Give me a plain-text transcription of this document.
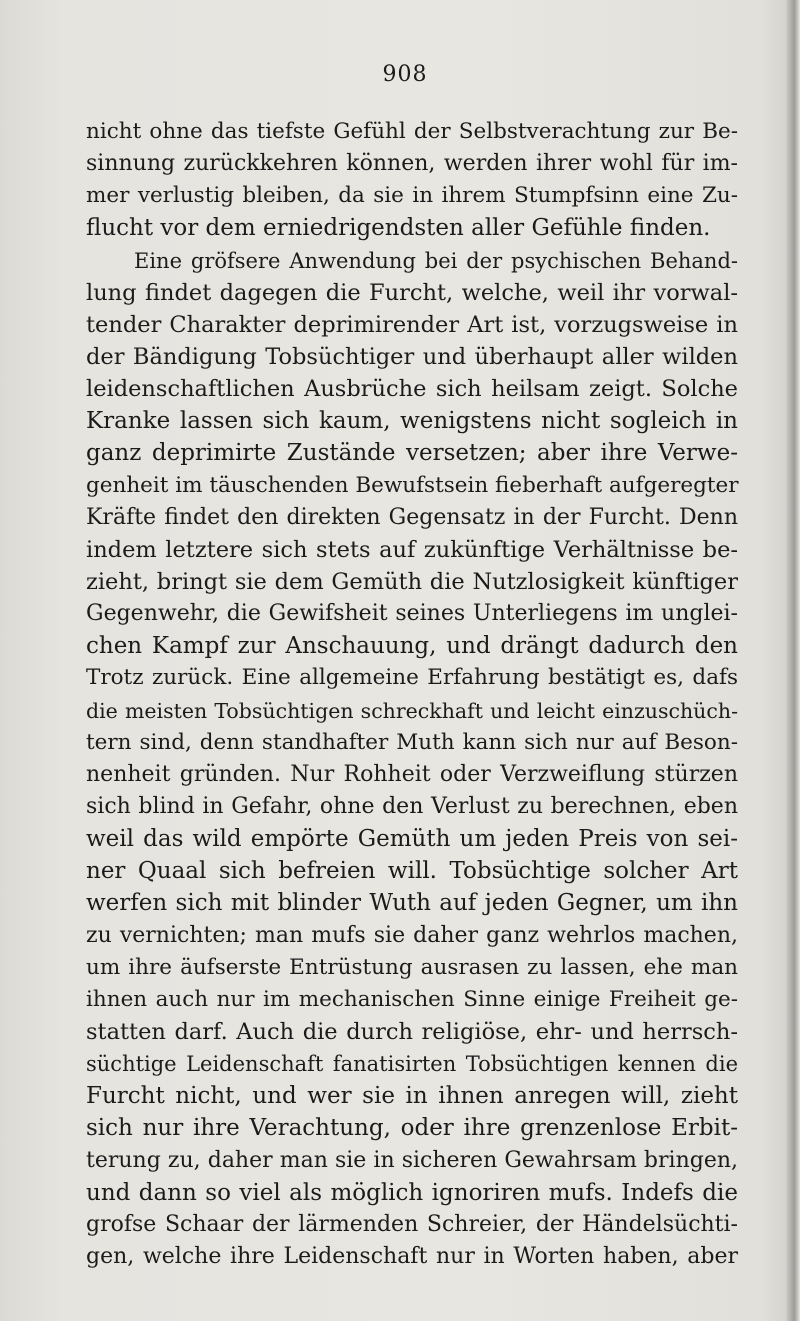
908
nicht ohne das tiefste Gefühl der Selbstverachtung zur Be-
sinnung zurückkehren können, werden ihrer wohl für im-
mer verlustig bleiben, da sie in ihrem Stumpfsinn eine Zu-
flucht vor dem erniedrigendsten aller Gefühle finden.
Eine gröfsere Anwendung bei der psychischen Behand-
lung findet dagegen die Furcht, welche, weil ihr vorwal-
tender Charakter deprimirender Art ist, vorzugsweise in
der Bändigung Tobsüchtiger und überhaupt aller wilden
leidenschaftlichen Ausbrüche sich heilsam zeigt. Solche
Kranke lassen sich kaum, wenigstens nicht sogleich in
ganz deprimirte Zustände versetzen; aber ihre Verwe-
genheit im täuschenden Bewufstsein fieberhaft aufgeregter
Kräfte findet den direkten Gegensatz in der Furcht. Denn
indem letztere sich stets auf zukünftige Verhältnisse be-
zieht, bringt sie dem Gemüth die Nutzlosigkeit künftiger
Gegenwehr, die Gewifsheit seines Unterliegens im unglei-
chen Kampf zur Anschauung, und drängt dadurch den
Trotz zurück. Eine allgemeine Erfahrung bestätigt es, dafs
die meisten Tobsüchtigen schreckhaft und leicht einzuschüch-
tern sind, denn standhafter Muth kann sich nur auf Beson-
nenheit gründen. Nur Rohheit oder Verzweiflung stürzen
sich blind in Gefahr, ohne den Verlust zu berechnen, eben
weil das wild empörte Gemüth um jeden Preis von sei-
ner Quaal sich befreien will. Tobsüchtige solcher Art
werfen sich mit blinder Wuth auf jeden Gegner, um ihn
zu vernichten; man mufs sie daher ganz wehrlos machen,
um ihre äufserste Entrüstung ausrasen zu lassen, ehe man
ihnen auch nur im mechanischen Sinne einige Freiheit ge-
statten darf. Auch die durch religiöse, ehr- und herrsch-
süchtige Leidenschaft fanatisirten Tobsüchtigen kennen die
Furcht nicht, und wer sie in ihnen anregen will, zieht
sich nur ihre Verachtung, oder ihre grenzenlose Erbit-
terung zu, daher man sie in sicheren Gewahrsam bringen,
und dann so viel als möglich ignoriren mufs. Indefs die
grofse Schaar der lärmenden Schreier, der Händelsüchti-
gen, welche ihre Leidenschaft nur in Worten haben, aber
